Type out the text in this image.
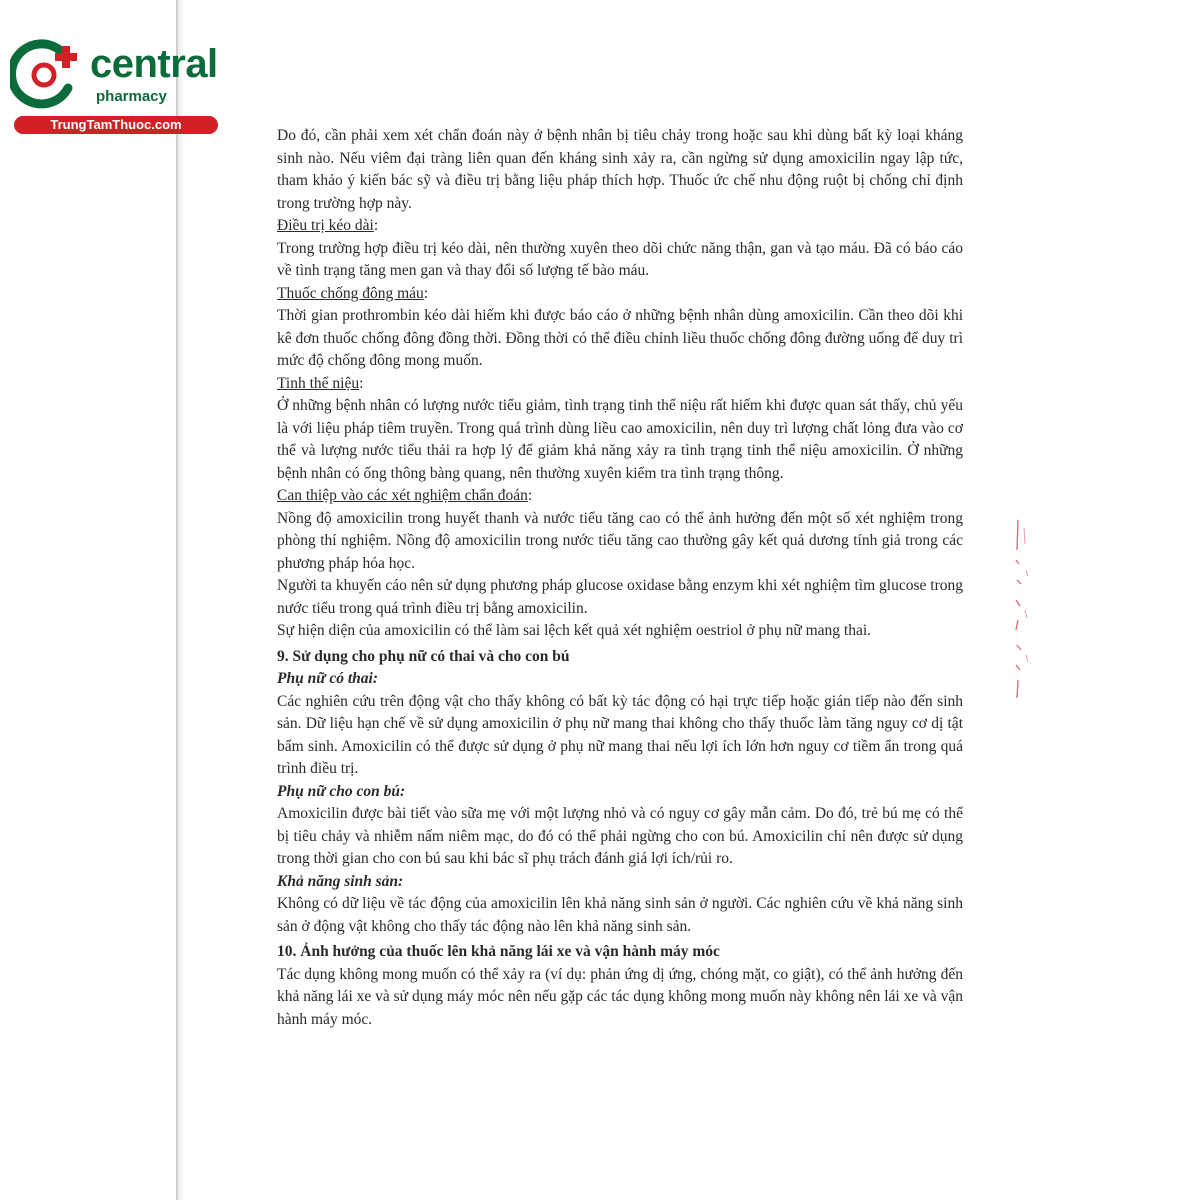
central
pharmacy
TrungTamThuoc.com

Do đó, cần phải xem xét chẩn đoán này ở bệnh nhân bị tiêu chảy trong hoặc sau khi dùng bất kỳ loại kháng sinh nào. Nếu viêm đại tràng liên quan đến kháng sinh xảy ra, cần ngừng sử dụng amoxicilin ngay lập tức, tham khảo ý kiến bác sỹ và điều trị bằng liệu pháp thích hợp. Thuốc ức chế nhu động ruột bị chống chỉ định trong trường hợp này.

Điều trị kéo dài:

Trong trường hợp điều trị kéo dài, nên thường xuyên theo dõi chức năng thận, gan và tạo máu. Đã có báo cáo về tình trạng tăng men gan và thay đổi số lượng tế bào máu.

Thuốc chống đông máu:

Thời gian prothrombin kéo dài hiếm khi được báo cáo ở những bệnh nhân dùng amoxicilin. Cần theo dõi khi kê đơn thuốc chống đông đồng thời. Đồng thời có thể điều chỉnh liều thuốc chống đông đường uống để duy trì mức độ chống đông mong muốn.

Tinh thể niệu:

Ở những bệnh nhân có lượng nước tiểu giảm, tình trạng tinh thể niệu rất hiếm khi được quan sát thấy, chủ yếu là với liệu pháp tiêm truyền. Trong quá trình dùng liều cao amoxicilin, nên duy trì lượng chất lỏng đưa vào cơ thể và lượng nước tiểu thải ra hợp lý để giảm khả năng xảy ra tình trạng tinh thể niệu amoxicilin. Ở những bệnh nhân có ống thông bàng quang, nên thường xuyên kiểm tra tình trạng thông.

Can thiệp vào các xét nghiệm chẩn đoán:

Nồng độ amoxicilin trong huyết thanh và nước tiểu tăng cao có thể ảnh hưởng đến một số xét nghiệm trong phòng thí nghiệm. Nồng độ amoxicilin trong nước tiểu tăng cao thường gây kết quả dương tính giả trong các phương pháp hóa học.

Người ta khuyến cáo nên sử dụng phương pháp glucose oxidase bằng enzym khi xét nghiệm tìm glucose trong nước tiểu trong quá trình điều trị bằng amoxicilin.

Sự hiện diện của amoxicilin có thể làm sai lệch kết quả xét nghiệm oestriol ở phụ nữ mang thai.

9. Sử dụng cho phụ nữ có thai và cho con bú

Phụ nữ có thai:

Các nghiên cứu trên động vật cho thấy không có bất kỳ tác động có hại trực tiếp hoặc gián tiếp nào đến sinh sản. Dữ liệu hạn chế về sử dụng amoxicilin ở phụ nữ mang thai không cho thấy thuốc làm tăng nguy cơ dị tật bẩm sinh. Amoxicilin có thể được sử dụng ở phụ nữ mang thai nếu lợi ích lớn hơn nguy cơ tiềm ẩn trong quá trình điều trị.

Phụ nữ cho con bú:

Amoxicilin được bài tiết vào sữa mẹ với một lượng nhỏ và có nguy cơ gây mẫn cảm. Do đó, trẻ bú mẹ có thể bị tiêu chảy và nhiễm nấm niêm mạc, do đó có thể phải ngừng cho con bú. Amoxicilin chỉ nên được sử dụng trong thời gian cho con bú sau khi bác sĩ phụ trách đánh giá lợi ích/rủi ro.

Khả năng sinh sản:

Không có dữ liệu về tác động của amoxicilin lên khả năng sinh sản ở người. Các nghiên cứu về khả năng sinh sản ở động vật không cho thấy tác động nào lên khả năng sinh sản.

10. Ảnh hưởng của thuốc lên khả năng lái xe và vận hành máy móc

Tác dụng không mong muốn có thể xảy ra (ví dụ: phản ứng dị ứng, chóng mặt, co giật), có thể ảnh hưởng đến khả năng lái xe và sử dụng máy móc nên nếu gặp các tác dụng không mong muốn này không nên lái xe và vận hành máy móc.
